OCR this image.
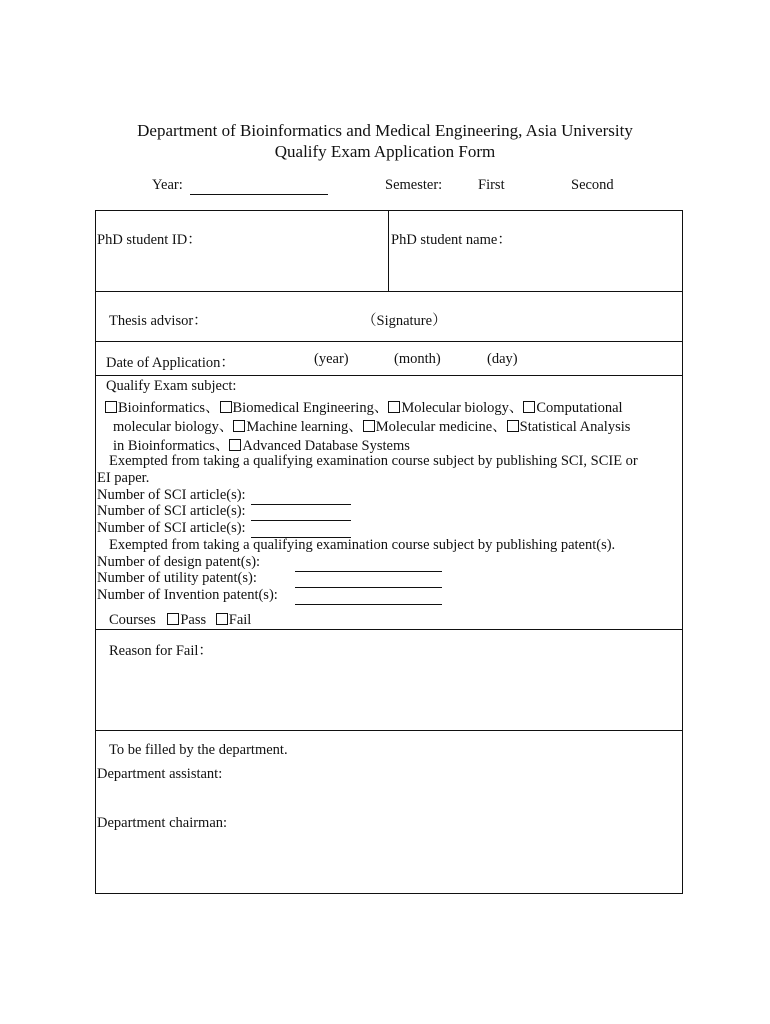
Department of Bioinformatics and Medical Engineering, Asia University
Qualify Exam Application Form
Year:	Semester: First	Second
PhD student ID：	PhD student name：
Thesis advisor：	（Signature）
Date of Application：	(year)	(month)	(day)
Qualify Exam subject:
Bioinformatics、 Biomedical Engineering、 Molecular biology、 Computational
molecular biology、 Machine learning、 Molecular medicine、 Statistical Analysis
in Bioinformatics、 Advanced Database Systems
Exempted from taking a qualifying examination course subject by publishing SCI, SCIE or
EI paper.
Number of SCI article(s):
Number of SCI article(s):
Number of SCI article(s):
Exempted from taking a qualifying examination course subject by publishing patent(s).
Number of design patent(s):

Number of utility patent(s):

Number of Invention patent(s):

Courses Pass Fail
Reason for Fail：
To be filled by the department.
Department assistant:
Department chairman:
